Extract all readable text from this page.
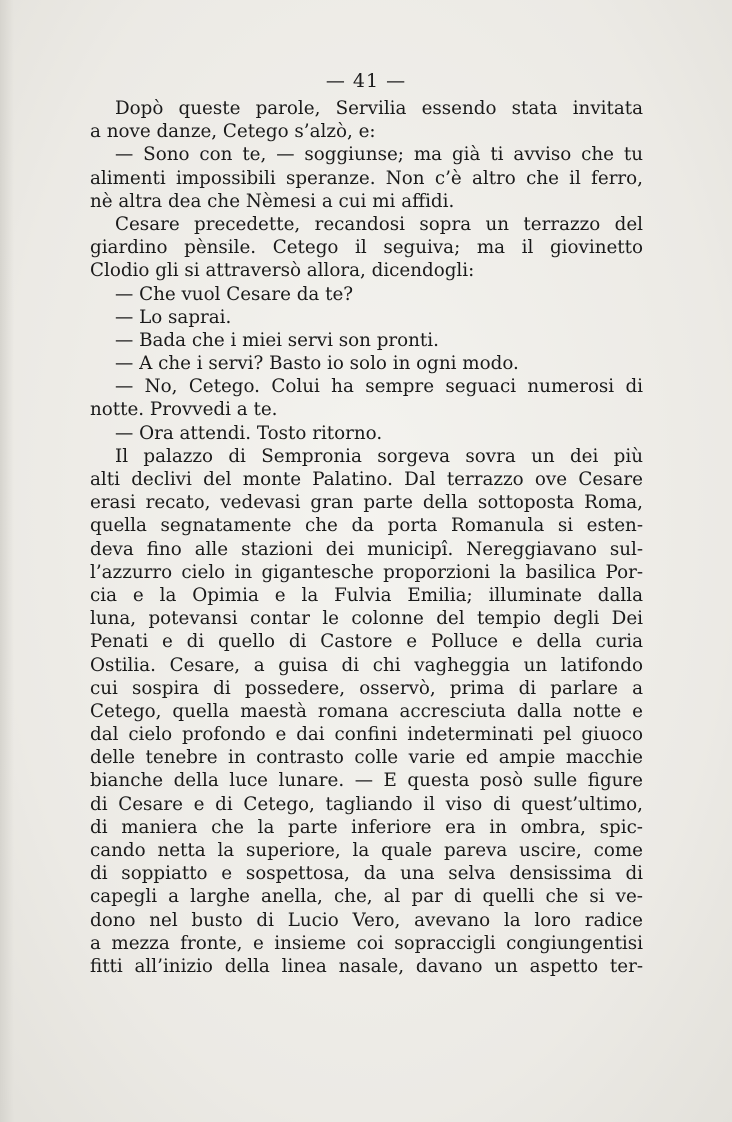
— 41 —
Dopò queste parole, Servilia essendo stata invitata
a nove danze, Cetego s’alzò, e:
— Sono con te, — soggiunse; ma già ti avviso che tu
alimenti impossibili speranze. Non c’è altro che il ferro,
nè altra dea che Nèmesi a cui mi affidi.
Cesare precedette, recandosi sopra un terrazzo del
giardino pènsile. Cetego il seguiva; ma il giovinetto
Clodio gli si attraversò allora, dicendogli:
— Che vuol Cesare da te?
— Lo saprai.
— Bada che i miei servi son pronti.
— A che i servi? Basto io solo in ogni modo.
— No, Cetego. Colui ha sempre seguaci numerosi di
notte. Provvedi a te.
— Ora attendi. Tosto ritorno.
Il palazzo di Sempronia sorgeva sovra un dei più
alti declivi del monte Palatino. Dal terrazzo ove Cesare
erasi recato, vedevasi gran parte della sottoposta Roma,
quella segnatamente che da porta Romanula si esten-
deva fino alle stazioni dei municipî. Nereggiavano sul-
l’azzurro cielo in gigantesche proporzioni la basilica Por-
cia e la Opimia e la Fulvia Emilia; illuminate dalla
luna, potevansi contar le colonne del tempio degli Dei
Penati e di quello di Castore e Polluce e della curia
Ostilia. Cesare, a guisa di chi vagheggia un latifondo
cui sospira di possedere, osservò, prima di parlare a
Cetego, quella maestà romana accresciuta dalla notte e
dal cielo profondo e dai confini indeterminati pel giuoco
delle tenebre in contrasto colle varie ed ampie macchie
bianche della luce lunare. — E questa posò sulle figure
di Cesare e di Cetego, tagliando il viso di quest’ultimo,
di maniera che la parte inferiore era in ombra, spic-
cando netta la superiore, la quale pareva uscire, come
di soppiatto e sospettosa, da una selva densissima di
capegli a larghe anella, che, al par di quelli che si ve-
dono nel busto di Lucio Vero, avevano la loro radice
a mezza fronte, e insieme coi sopraccigli congiungentisi
fitti all’inizio della linea nasale, davano un aspetto ter-
